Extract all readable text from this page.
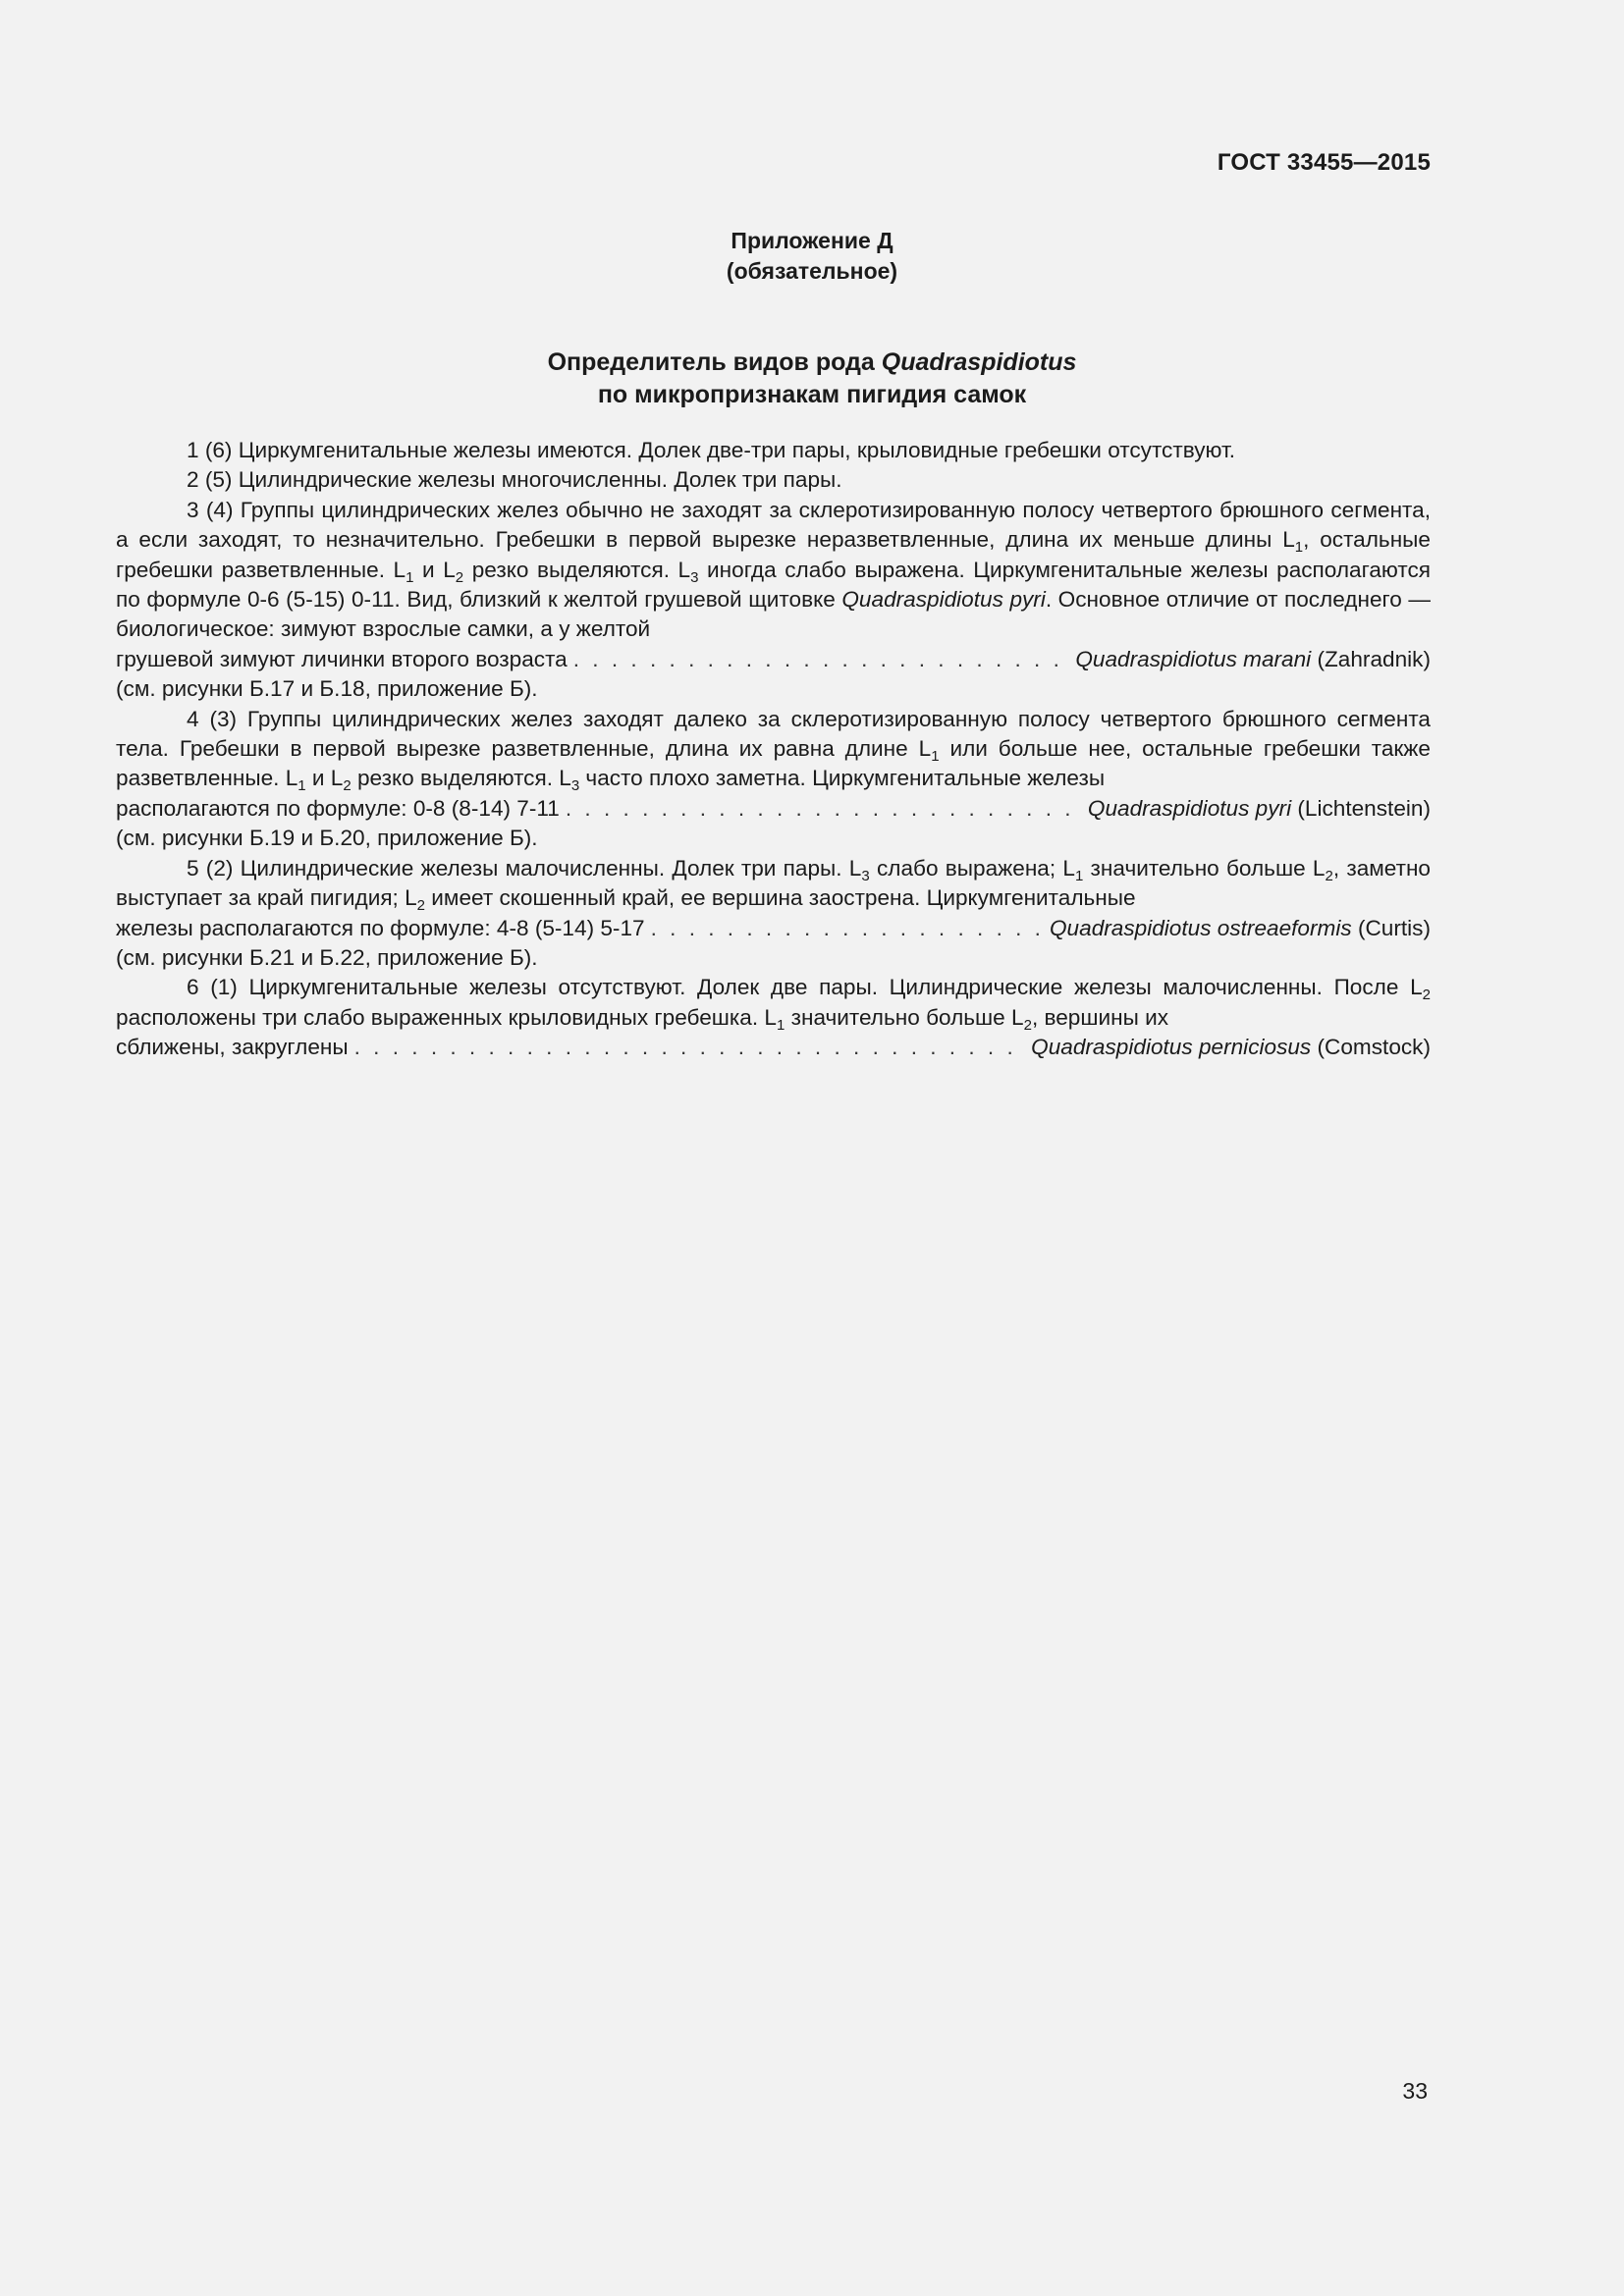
ГОСТ 33455—2015
Приложение Д
(обязательное)
Определитель видов рода Quadraspidiotus
по микропризнакам пигидия самок

1 (6) Циркумгенитальные железы имеются. Долек две-три пары, крыловидные гребешки отсутствуют.

2 (5) Цилиндрические железы многочисленны. Долек три пары.

3 (4) Группы цилиндрических желез обычно не заходят за склеротизированную полосу четвертого брюшного сегмента, а если заходят, то незначительно. Гребешки в первой вырезке неразветвленные, длина их меньше длины $L_1$, остальные гребешки разветвленные. $L_1$ и $L_2$ резко выделяются. $L_3$ иногда слабо выражена. Циркумгенитальные железы располагаются по формуле 0-6 (5-15) 0-11. Вид, близкий к желтой грушевой щитовке Quadraspidiotus pyri. Основное отличие от последнего — биологическое: зимуют взрослые самки, а у желтой

грушевой зимуют личинки второго возраста . . .	Quadraspidiotus marani (Zahradnik)

(см. рисунки Б.17 и Б.18, приложение Б).

4 (3) Группы цилиндрических желез заходят далеко за склеротизированную полосу четвертого брюшного сегмента тела. Гребешки в первой вырезке разветвленные, длина их равна длине $L_1$ или больше нее, остальные гребешки также разветвленные. $L_1$ и $L_2$ резко выделяются. $L_3$ часто плохо заметна. Циркумгенитальные железы

располагаются по формуле: 0-8 (8-14) 7-11 . . .	Quadraspidiotus pyri (Lichtenstein)

(см. рисунки Б.19 и Б.20, приложение Б).

5 (2) Цилиндрические железы малочисленны. Долек три пары. $L_3$ слабо выражена; $L_1$ значительно больше $L_2$, заметно выступает за край пигидия; $L_2$ имеет скошенный край, ее вершина заострена. Циркумгенитальные

железы располагаются по формуле: 4-8 (5-14) 5-17 . . .	Quadraspidiotus ostreaeformis (Curtis)

(см. рисунки Б.21 и Б.22, приложение Б).

6 (1) Циркумгенитальные железы отсутствуют. Долек две пары. Цилиндрические железы малочисленны. После $L_2$ расположены три слабо выраженных крыловидных гребешка. $L_1$ значительно больше $L_2$, вершины их

сближены, закруглены . . .	Quadraspidiotus perniciosus (Comstock)
33
